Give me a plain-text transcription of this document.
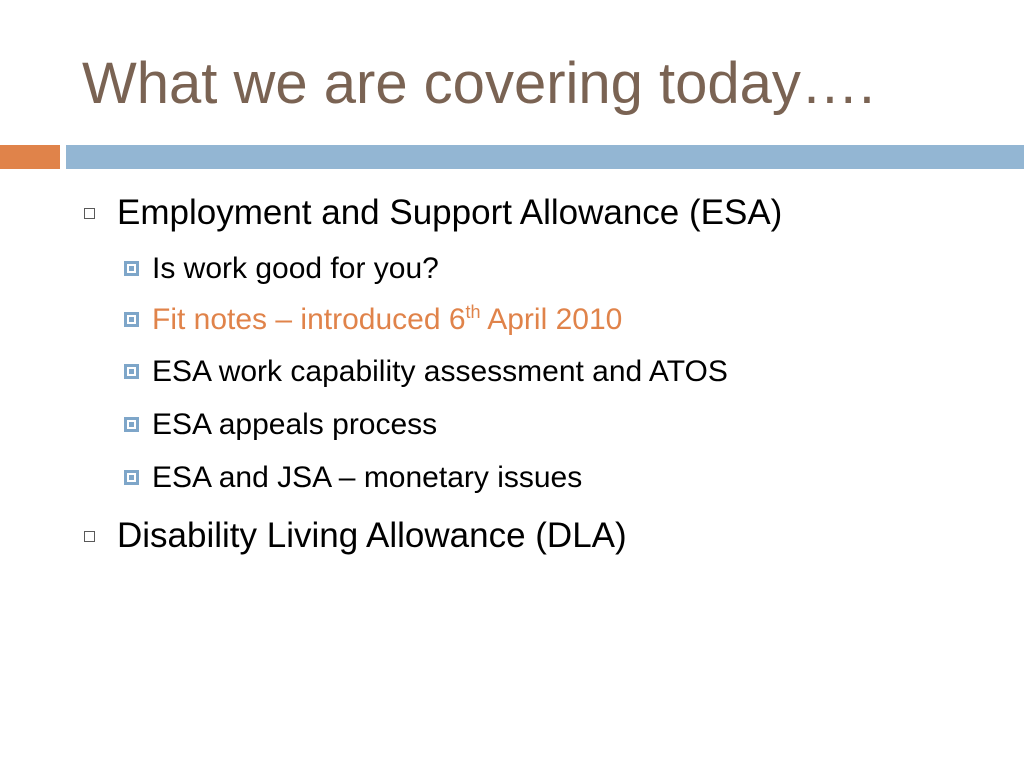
What we are covering today….
Employment and Support Allowance (ESA)
Is work good for you?
Fit notes – introduced 6th April 2010
ESA work capability assessment and ATOS
ESA appeals process
ESA and JSA – monetary issues
Disability Living Allowance (DLA)
